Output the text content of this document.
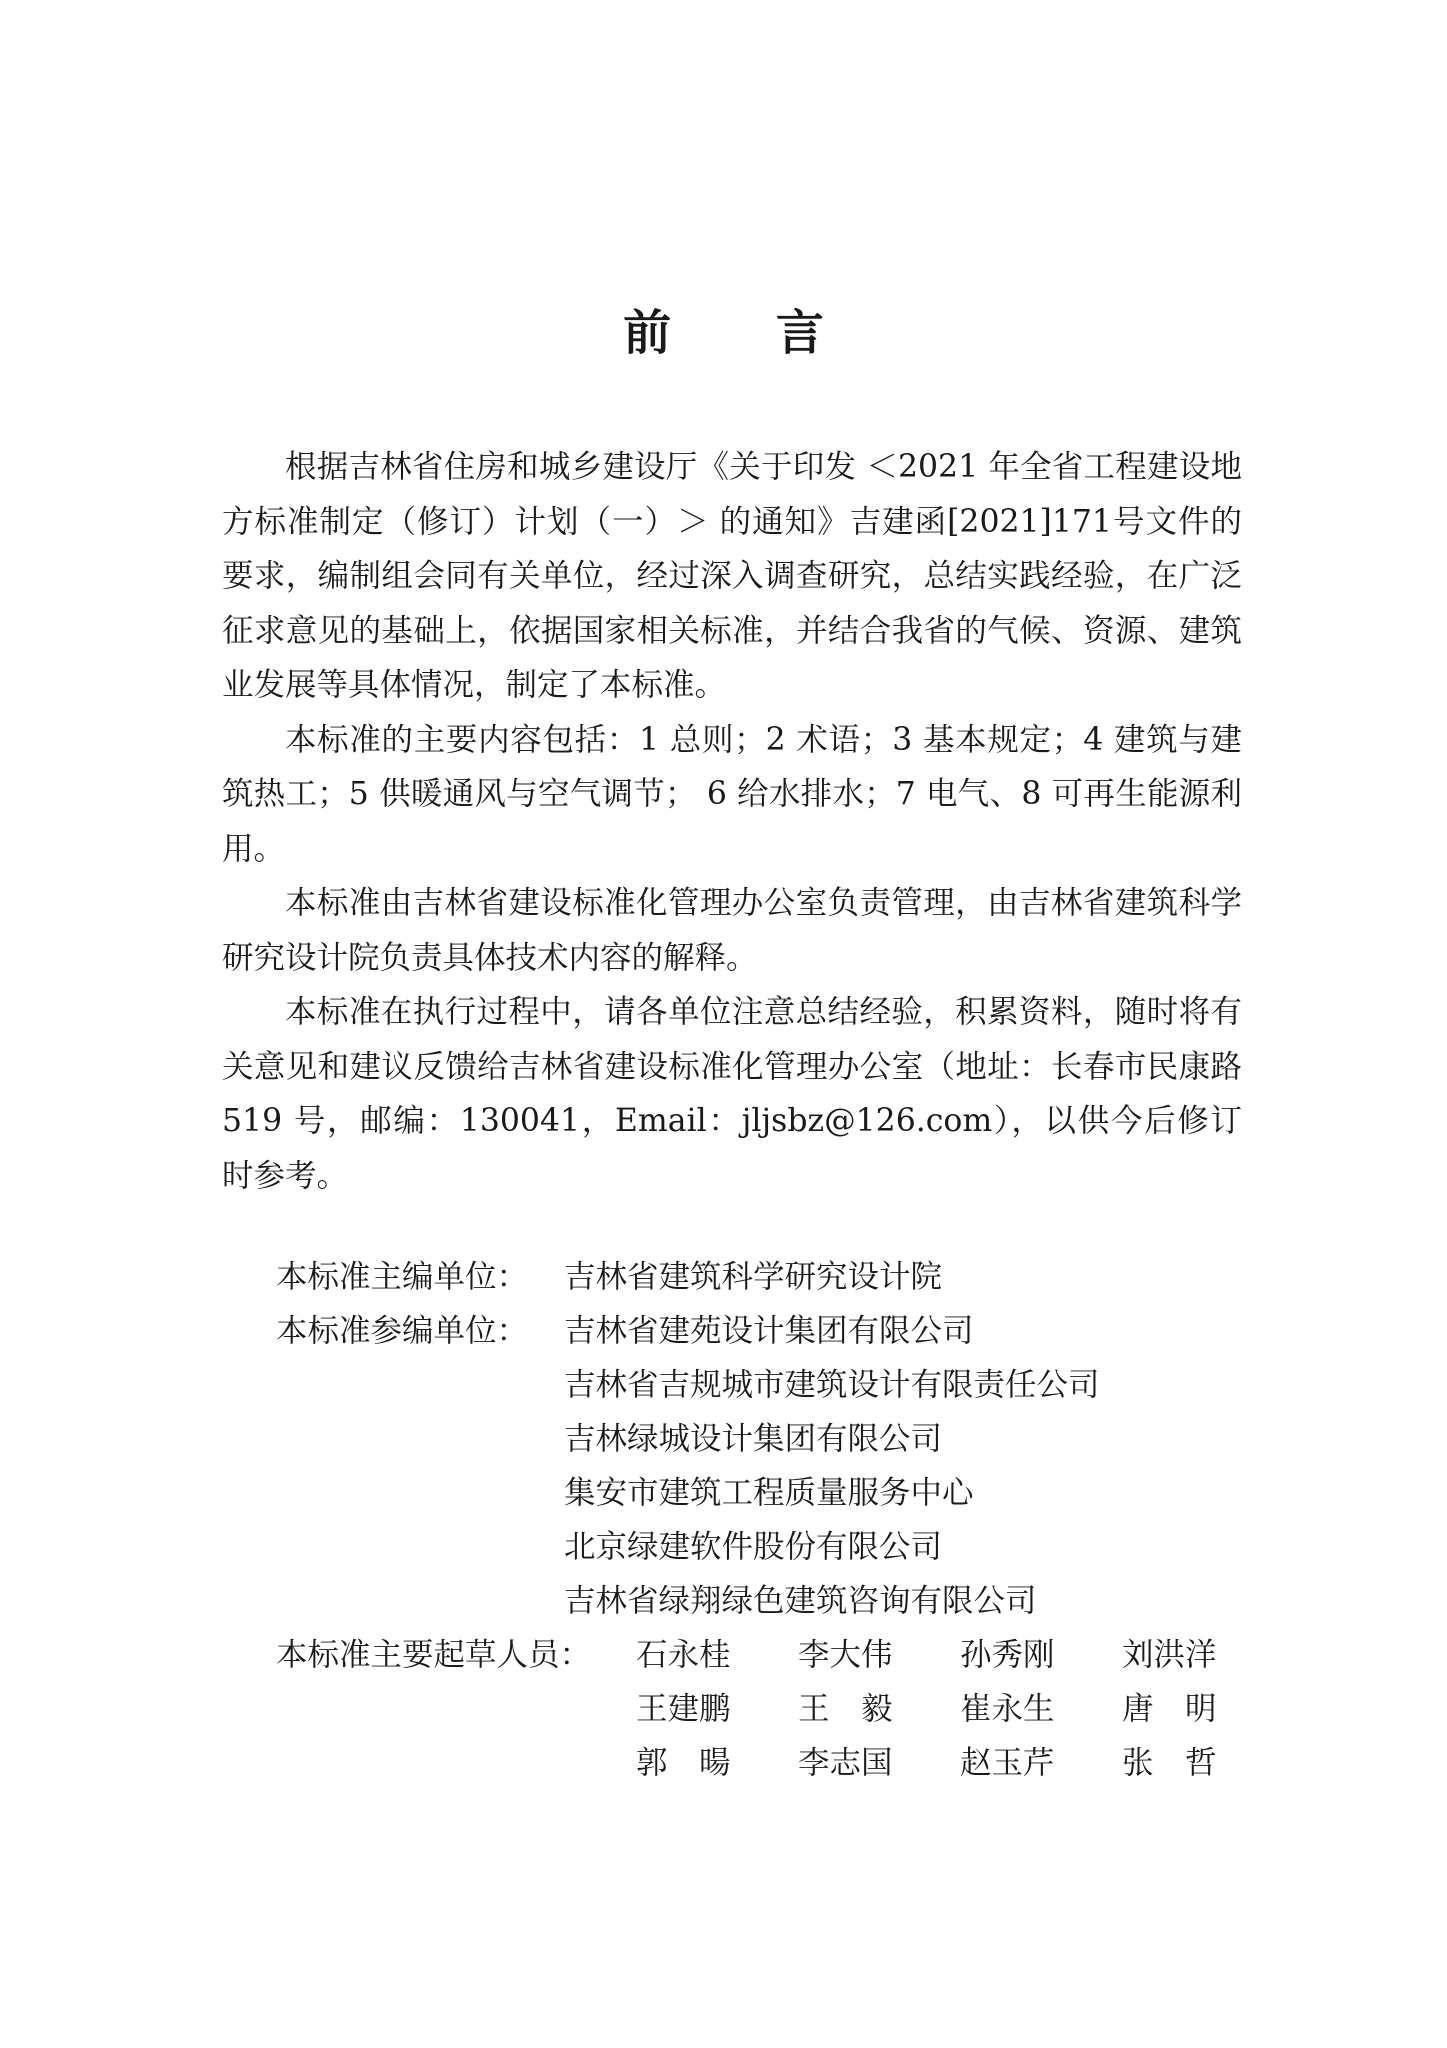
前 言

根据吉林省住房和城乡建设厅《关于印发 ＜2021 年全省工程建设地方标准制定（修订）计划（一）＞ 的通知》吉建函[2021]171号文件的要求，编制组会同有关单位，经过深入调查研究，总结实践经验，在广泛征求意见的基础上，依据国家相关标准，并结合我省的气候、资源、建筑业发展等具体情况，制定了本标准。

本标准的主要内容包括：1 总则；2 术语；3 基本规定；4 建筑与建筑热工；5 供暖通风与空气调节； 6 给水排水；7 电气、8 可再生能源利用。

本标准由吉林省建设标准化管理办公室负责管理，由吉林省建筑科学研究设计院负责具体技术内容的解释。

本标准在执行过程中，请各单位注意总结经验，积累资料，随时将有关意见和建议反馈给吉林省建设标准化管理办公室（地址：长春市民康路 519 号，邮编：130041，Email：jljsbz@126.com），以供今后修订时参考。

本标准主编单位：	吉林省建筑科学研究设计院
本标准参编单位：	吉林省建苑设计集团有限公司
吉林省吉规城市建筑设计有限责任公司
吉林绿城设计集团有限公司
集安市建筑工程质量服务中心
北京绿建软件股份有限公司
吉林省绿翔绿色建筑咨询有限公司
本标准主要起草人员：	石永桂	李大伟	孙秀刚	刘洪洋
王建鹏	王　毅	崔永生	唐　明
郭　暘	李志国	赵玉芹	张　哲
